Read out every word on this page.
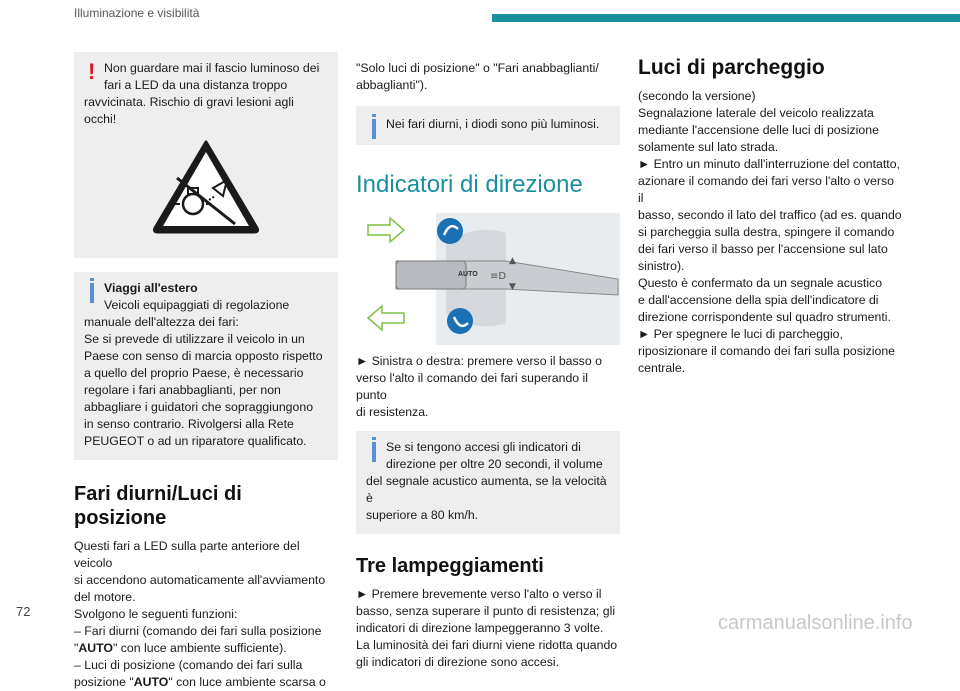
Illuminazione e visibilità
! Non guardare mai il fascio luminoso dei

fari a LED da una distanza troppo

ravvicinata. Rischio di gravi lesioni agli occhi!

Viaggi all'estero

Veicoli equipaggiati di regolazione

manuale dell'altezza dei fari:

Se si prevede di utilizzare il veicolo in un

Paese con senso di marcia opposto rispetto

a quello del proprio Paese, è necessario

regolare i fari anabbaglianti, per non

abbagliare i guidatori che sopraggiungono

in senso contrario. Rivolgersi alla Rete

PEUGEOT o ad un riparatore qualificato.

Fari diurni/Luci di posizione

Questi fari a LED sulla parte anteriore del veicolo

si accendono automaticamente all'avviamento

del motore.

Svolgono le seguenti funzioni:

– Fari diurni (comando dei fari sulla posizione

"AUTO" con luce ambiente sufficiente).

– Luci di posizione (comando dei fari sulla

posizione "AUTO" con luce ambiente scarsa o

"Solo luci di posizione" o "Fari anabbaglianti/

abbaglianti").

Nei fari diurni, i diodi sono più luminosi.

Indicatori di direzione
≡D
▲
▼
AUTO

► Sinistra o destra: premere verso il basso o

verso l'alto il comando dei fari superando il punto

di resistenza.

Se si tengono accesi gli indicatori di

direzione per oltre 20 secondi, il volume

del segnale acustico aumenta, se la velocità è

superiore a 80 km/h.

Tre lampeggiamenti

► Premere brevemente verso l'alto o verso il

basso, senza superare il punto di resistenza; gli

indicatori di direzione lampeggeranno 3 volte.

La luminosità dei fari diurni viene ridotta quando

gli indicatori di direzione sono accesi.

Luci di parcheggio

(secondo la versione)

Segnalazione laterale del veicolo realizzata

mediante l'accensione delle luci di posizione

solamente sul lato strada.

► Entro un minuto dall'interruzione del contatto,

azionare il comando dei fari verso l'alto o verso il

basso, secondo il lato del traffico (ad es. quando

si parcheggia sulla destra, spingere il comando

dei fari verso il basso per l'accensione sul lato

sinistro).

Questo è confermato da un segnale acustico

e dall'accensione della spia dell'indicatore di

direzione corrispondente sul quadro strumenti.

► Per spegnere le luci di parcheggio,

riposizionare il comando dei fari sulla posizione

centrale.

72
carmanualsonline.info
